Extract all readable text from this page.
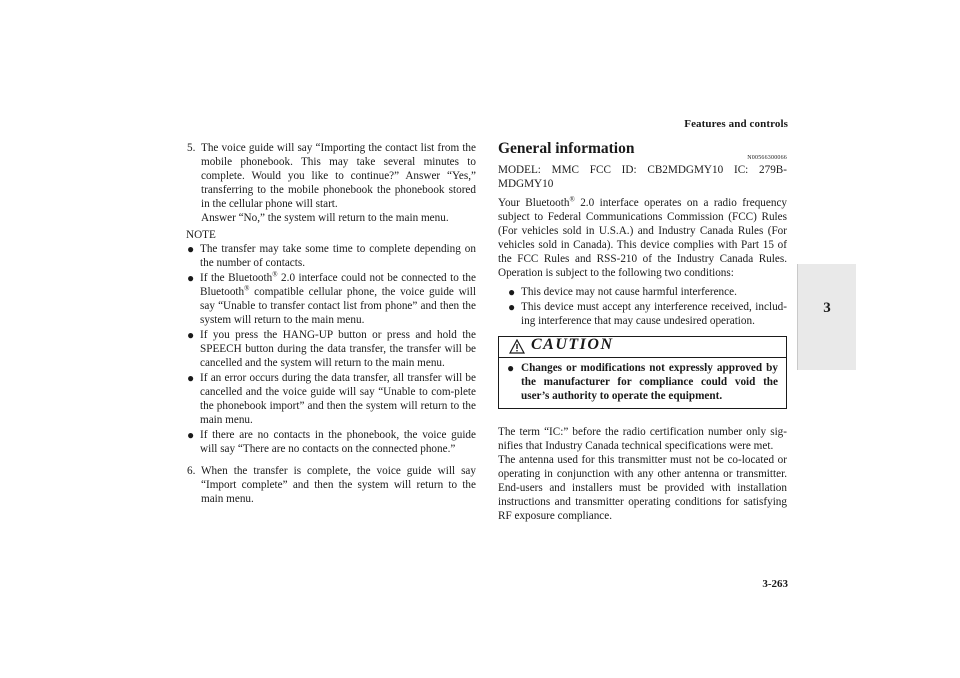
Features and controls
3
5. The voice guide will say “Importing the contact list from the mobile phonebook. This may take several minutes to complete. Would you like to continue?” Answer “Yes,” transferring to the mobile phonebook the phonebook stored in the cellular phone will start.

Answer “No,” the system will return to the main menu.

NOTE
● The transfer may take some time to complete depending on the number of contacts.
● If the Bluetooth® 2.0 interface could not be connected to the Bluetooth® compatible cellular phone, the voice guide will say “Unable to transfer contact list from phone” and then the system will return to the main menu.
● If you press the HANG-UP button or press and hold the SPEECH button during the data transfer, the transfer will be cancelled and the system will return to the main menu.
● If an error occurs during the data transfer, all transfer will be cancelled and the voice guide will say “Unable to com-plete the phonebook import” and then the system will return to the main menu.
● If there are no contacts in the phonebook, the voice guide will say “There are no contacts on the connected phone.”
6. When the transfer is complete, the voice guide will say “Import complete” and then the system will return to the main menu.

General information
N00566300066

MODEL: MMC FCC ID: CB2MDGMY10 IC: 279B-MDGMY10

Your Bluetooth® 2.0 interface operates on a radio frequency subject to Federal Communications Commission (FCC) Rules (For vehicles sold in U.S.A.) and Industry Canada Rules (For vehicles sold in Canada). This device complies with Part 15 of the FCC Rules and RSS-210 of the Industry Canada Rules. Operation is subject to the following two conditions:

● This device may not cause harmful interference.
● This device must accept any interference received, includ-ing interference that may cause undesired operation.
CAUTION
● Changes or modifications not expressly approved by the manufacturer for compliance could void the user’s authority to operate the equipment.

The term “IC:” before the radio certification number only sig-nifies that Industry Canada technical specifications were met.

The antenna used for this transmitter must not be co-located or operating in conjunction with any other antenna or transmitter. End-users and installers must be provided with installation instructions and transmitter operating conditions for satisfying RF exposure compliance.

3-263
